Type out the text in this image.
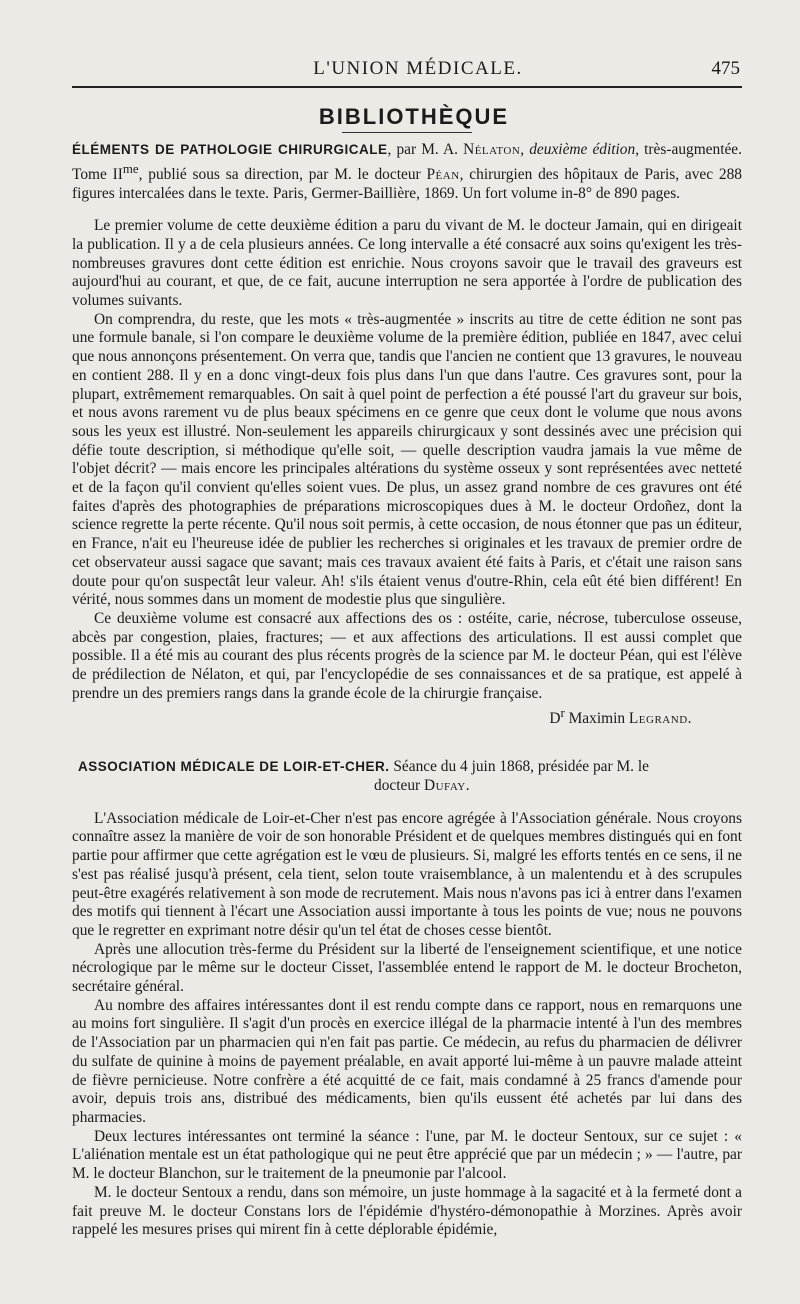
L'UNION MÉDICALE.	475
BIBLIOTHÈQUE

ÉLÉMENTS DE PATHOLOGIE CHIRURGICALE, par M. A. Nélaton, deuxième édition, très-augmentée. Tome $II^{me}$, publié sous sa direction, par M. le docteur Péan, chirurgien des hôpitaux de Paris, avec 288 figures intercalées dans le texte. Paris, Germer-Baillière, 1869. Un fort volume in-8° de 890 pages.

Le premier volume de cette deuxième édition a paru du vivant de M. le docteur Jamain, qui en dirigeait la publication. Il y a de cela plusieurs années. Ce long intervalle a été consacré aux soins qu'exigent les très-nombreuses gravures dont cette édition est enrichie. Nous croyons savoir que le travail des graveurs est aujourd'hui au courant, et que, de ce fait, aucune interruption ne sera apportée à l'ordre de publication des volumes suivants.

On comprendra, du reste, que les mots « très-augmentée » inscrits au titre de cette édition ne sont pas une formule banale, si l'on compare le deuxième volume de la première édition, publiée en 1847, avec celui que nous annonçons présentement. On verra que, tandis que l'ancien ne contient que 13 gravures, le nouveau en contient 288. Il y en a donc vingt-deux fois plus dans l'un que dans l'autre. Ces gravures sont, pour la plupart, extrêmement remarquables. On sait à quel point de perfection a été poussé l'art du graveur sur bois, et nous avons rarement vu de plus beaux spécimens en ce genre que ceux dont le volume que nous avons sous les yeux est illustré. Non-seulement les appareils chirurgicaux y sont dessinés avec une précision qui défie toute description, si méthodique qu'elle soit, — quelle description vaudra jamais la vue même de l'objet décrit? — mais encore les principales altérations du système osseux y sont représentées avec netteté et de la façon qu'il convient qu'elles soient vues. De plus, un assez grand nombre de ces gravures ont été faites d'après des photographies de préparations microscopiques dues à M. le docteur Ordoñez, dont la science regrette la perte récente. Qu'il nous soit permis, à cette occasion, de nous étonner que pas un éditeur, en France, n'ait eu l'heureuse idée de publier les recherches si originales et les travaux de premier ordre de cet observateur aussi sagace que savant; mais ces travaux avaient été faits à Paris, et c'était une raison sans doute pour qu'on suspectât leur valeur. Ah! s'ils étaient venus d'outre-Rhin, cela eût été bien différent! En vérité, nous sommes dans un moment de modestie plus que singulière.

Ce deuxième volume est consacré aux affections des os : ostéite, carie, nécrose, tuberculose osseuse, abcès par congestion, plaies, fractures; — et aux affections des articulations. Il est aussi complet que possible. Il a été mis au courant des plus récents progrès de la science par M. le docteur Péan, qui est l'élève de prédilection de Nélaton, et qui, par l'encyclopédie de ses connaissances et de sa pratique, est appelé à prendre un des premiers rangs dans la grande école de la chirurgie française.

$D^r$ Maximin Legrand.
ASSOCIATION MÉDICALE DE LOIR-ET-CHER. Séance du 4 juin 1868, présidée par M. le
docteur Dufay.

L'Association médicale de Loir-et-Cher n'est pas encore agrégée à l'Association générale. Nous croyons connaître assez la manière de voir de son honorable Président et de quelques membres distingués qui en font partie pour affirmer que cette agrégation est le vœu de plusieurs. Si, malgré les efforts tentés en ce sens, il ne s'est pas réalisé jusqu'à présent, cela tient, selon toute vraisemblance, à un malentendu et à des scrupules peut-être exagérés relativement à son mode de recrutement. Mais nous n'avons pas ici à entrer dans l'examen des motifs qui tiennent à l'écart une Association aussi importante à tous les points de vue; nous ne pouvons que le regretter en exprimant notre désir qu'un tel état de choses cesse bientôt.

Après une allocution très-ferme du Président sur la liberté de l'enseignement scientifique, et une notice nécrologique par le même sur le docteur Cisset, l'assemblée entend le rapport de M. le docteur Brocheton, secrétaire général.

Au nombre des affaires intéressantes dont il est rendu compte dans ce rapport, nous en remarquons une au moins fort singulière. Il s'agit d'un procès en exercice illégal de la pharmacie intenté à l'un des membres de l'Association par un pharmacien qui n'en fait pas partie. Ce médecin, au refus du pharmacien de délivrer du sulfate de quinine à moins de payement préalable, en avait apporté lui-même à un pauvre malade atteint de fièvre pernicieuse. Notre confrère a été acquitté de ce fait, mais condamné à 25 francs d'amende pour avoir, depuis trois ans, distribué des médicaments, bien qu'ils eussent été achetés par lui dans des pharmacies.

Deux lectures intéressantes ont terminé la séance : l'une, par M. le docteur Sentoux, sur ce sujet : « L'aliénation mentale est un état pathologique qui ne peut être apprécié que par un médecin ; » — l'autre, par M. le docteur Blanchon, sur le traitement de la pneumonie par l'alcool.

M. le docteur Sentoux a rendu, dans son mémoire, un juste hommage à la sagacité et à la fermeté dont a fait preuve M. le docteur Constans lors de l'épidémie d'hystéro-démonopathie à Morzines. Après avoir rappelé les mesures prises qui mirent fin à cette déplorable épidémie,
